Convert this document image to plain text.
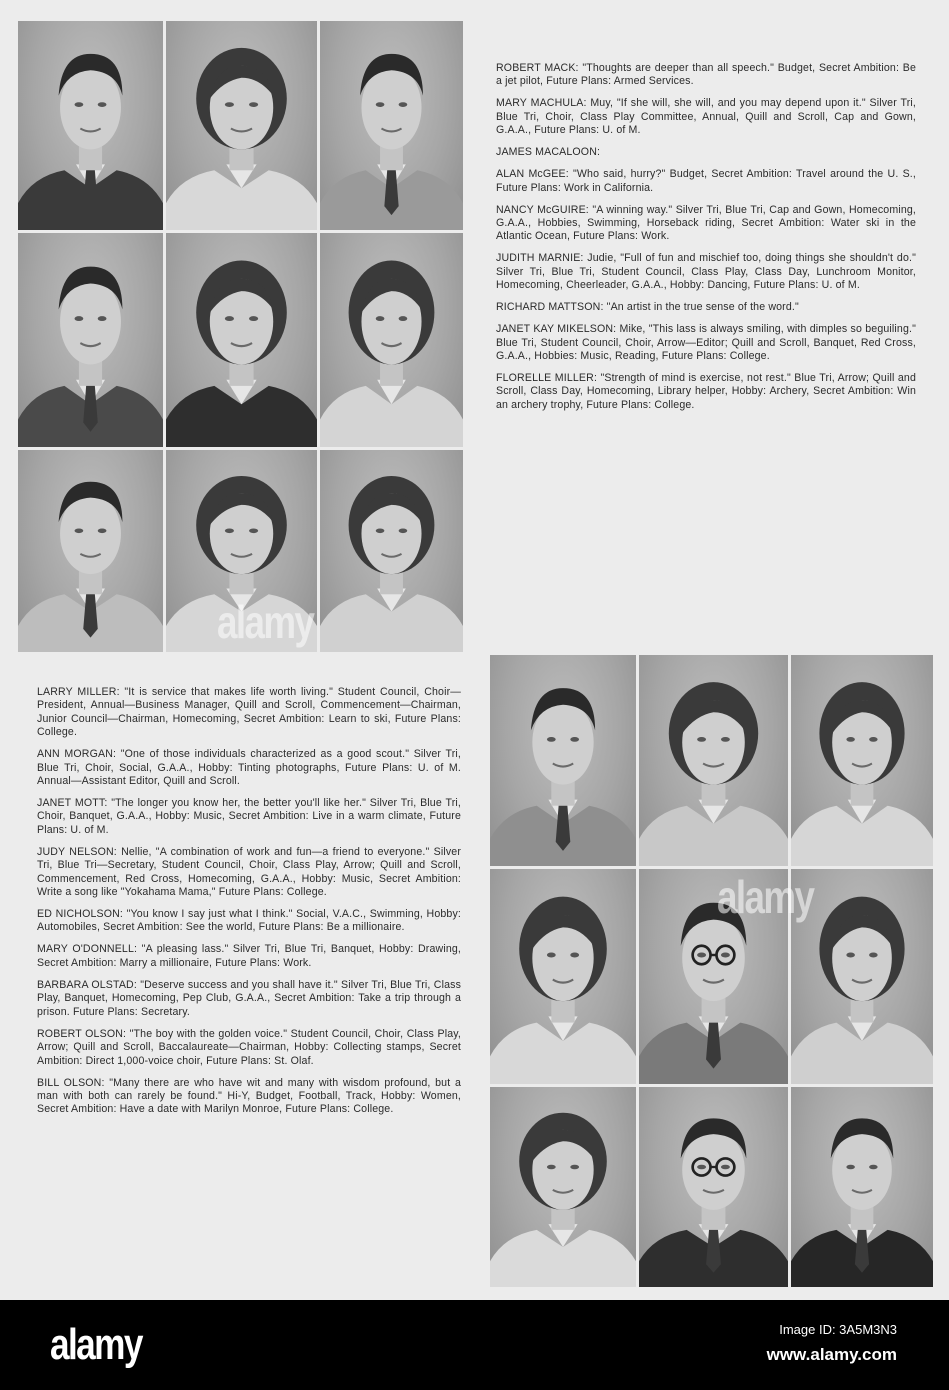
ROBERT MACK: "Thoughts are deeper than all speech." Budget, Secret Ambition: Be a jet pilot, Future Plans: Armed Services.

MARY MACHULA: Muy, "If she will, she will, and you may depend upon it." Silver Tri, Blue Tri, Choir, Class Play Committee, Annual, Quill and Scroll, Cap and Gown, G.A.A., Future Plans: U. of M.

JAMES MACALOON:

ALAN McGEE: "Who said, hurry?" Budget, Secret Ambition: Travel around the U. S., Future Plans: Work in California.

NANCY McGUIRE: "A winning way." Silver Tri, Blue Tri, Cap and Gown, Homecoming, G.A.A., Hobbies, Swimming, Horseback riding, Secret Ambition: Water ski in the Atlantic Ocean, Future Plans: Work.

JUDITH MARNIE: Judie, "Full of fun and mischief too, doing things she shouldn't do." Silver Tri, Blue Tri, Student Council, Class Play, Class Day, Lunchroom Monitor, Homecoming, Cheerleader, G.A.A., Hobby: Dancing, Future Plans: U. of M.

RICHARD MATTSON: "An artist in the true sense of the word."

JANET KAY MIKELSON: Mike, "This lass is always smiling, with dimples so beguiling." Blue Tri, Student Council, Choir, Arrow—Editor; Quill and Scroll, Banquet, Red Cross, G.A.A., Hobbies: Music, Reading, Future Plans: College.

FLORELLE MILLER: "Strength of mind is exercise, not rest." Blue Tri, Arrow; Quill and Scroll, Class Day, Homecoming, Library helper, Hobby: Archery, Secret Ambition: Win an archery trophy, Future Plans: College.

LARRY MILLER: "It is service that makes life worth living." Student Council, Choir—President, Annual—Business Manager, Quill and Scroll, Commencement—Chairman, Junior Council—Chairman, Homecoming, Secret Ambition: Learn to ski, Future Plans: College.

ANN MORGAN: "One of those individuals characterized as a good scout." Silver Tri, Blue Tri, Choir, Social, G.A.A., Hobby: Tinting photographs, Future Plans: U. of M. Annual—Assistant Editor, Quill and Scroll.

JANET MOTT: "The longer you know her, the better you'll like her." Silver Tri, Blue Tri, Choir, Banquet, G.A.A., Hobby: Music, Secret Ambition: Live in a warm climate, Future Plans: U. of M.

JUDY NELSON: Nellie, "A combination of work and fun—a friend to everyone." Silver Tri, Blue Tri—Secretary, Student Council, Choir, Class Play, Arrow; Quill and Scroll, Commencement, Red Cross, Homecoming, G.A.A., Hobby: Music, Secret Ambition: Write a song like "Yokahama Mama," Future Plans: College.

ED NICHOLSON: "You know I say just what I think." Social, V.A.C., Swimming, Hobby: Automobiles, Secret Ambition: See the world, Future Plans: Be a millionaire.

MARY O'DONNELL: "A pleasing lass." Silver Tri, Blue Tri, Banquet, Hobby: Drawing, Secret Ambition: Marry a millionaire, Future Plans: Work.

BARBARA OLSTAD: "Deserve success and you shall have it." Silver Tri, Blue Tri, Class Play, Banquet, Homecoming, Pep Club, G.A.A., Secret Ambition: Take a trip through a prison. Future Plans: Secretary.

ROBERT OLSON: "The boy with the golden voice." Student Council, Choir, Class Play, Arrow; Quill and Scroll, Baccalaureate—Chairman, Hobby: Collecting stamps, Secret Ambition: Direct 1,000-voice choir, Future Plans: St. Olaf.

BILL OLSON: "Many there are who have wit and many with wisdom profound, but a man with both can rarely be found." Hi-Y, Budget, Football, Track, Hobby: Women, Secret Ambition: Have a date with Marilyn Monroe, Future Plans: College.

alamy
alamy
alamy	Image ID: 3A5M3N3
www.alamy.com
